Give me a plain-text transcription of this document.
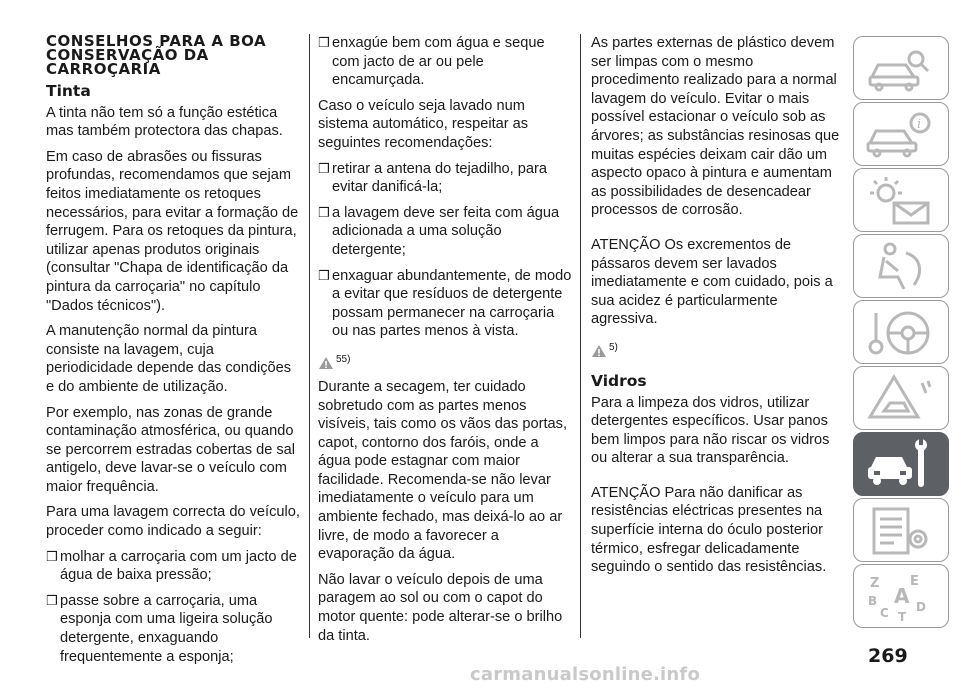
CONSELHOS PARA A BOA CONSERVAÇÃO DA CARROÇARIA
Tinta

A tinta não tem só a função estética mas também protectora das chapas.

Em caso de abrasões ou fissuras profundas, recomendamos que sejam feitos imediatamente os retoques necessários, para evitar a formação de ferrugem. Para os retoques da pintura, utilizar apenas produtos originais (consultar "Chapa de identificação da pintura da carroçaria" no capítulo "Dados técnicos").

A manutenção normal da pintura consiste na lavagem, cuja periodicidade depende das condições e do ambiente de utilização.

Por exemplo, nas zonas de grande contaminação atmosférica, ou quando se percorrem estradas cobertas de sal antigelo, deve lavar-se o veículo com maior frequência.

Para uma lavagem correcta do veículo, proceder como indicado a seguir:

❒ molhar a carroçaria com um jacto de água de baixa pressão;
❒ passe sobre a carroçaria, uma esponja com uma ligeira solução detergente, enxaguando frequentemente a esponja;
❒ enxagúe bem com água e seque com jacto de ar ou pele encamurçada.

Caso o veículo seja lavado num sistema automático, respeitar as seguintes recomendações:

❒ retirar a antena do tejadilho, para evitar danificá-la;
❒ a lavagem deve ser feita com água adicionada a uma solução detergente;
❒ enxaguar abundantemente, de modo a evitar que resíduos de detergente possam permanecer na carroçaria ou nas partes menos à vista.
55)

Durante a secagem, ter cuidado sobretudo com as partes menos visíveis, tais como os vãos das portas, capot, contorno dos faróis, onde a água pode estagnar com maior facilidade. Recomenda-se não levar imediatamente o veículo para um ambiente fechado, mas deixá-lo ao ar livre, de modo a favorecer a evaporação da água.

Não lavar o veículo depois de uma paragem ao sol ou com o capot do motor quente: pode alterar-se o brilho da tinta.

As partes externas de plástico devem ser limpas com o mesmo procedimento realizado para a normal lavagem do veículo. Evitar o mais possível estacionar o veículo sob as árvores; as substâncias resinosas que muitas espécies deixam cair dão um aspecto opaco à pintura e aumentam as possibilidades de desencadear processos de corrosão.

ATENÇÃO Os excrementos de pássaros devem ser lavados imediatamente e com cuidado, pois a sua acidez é particularmente agressiva.

5)
Vidros

Para a limpeza dos vidros, utilizar detergentes específicos. Usar panos bem limpos para não riscar os vidros ou alterar a sua transparência.

ATENÇÃO Para não danificar as resistências eléctricas presentes na superfície interna do óculo posterior térmico, esfregar delicadamente seguindo o sentido das resistências.

i
Z E
B A
C D
T
269
carmanualsonline.info
